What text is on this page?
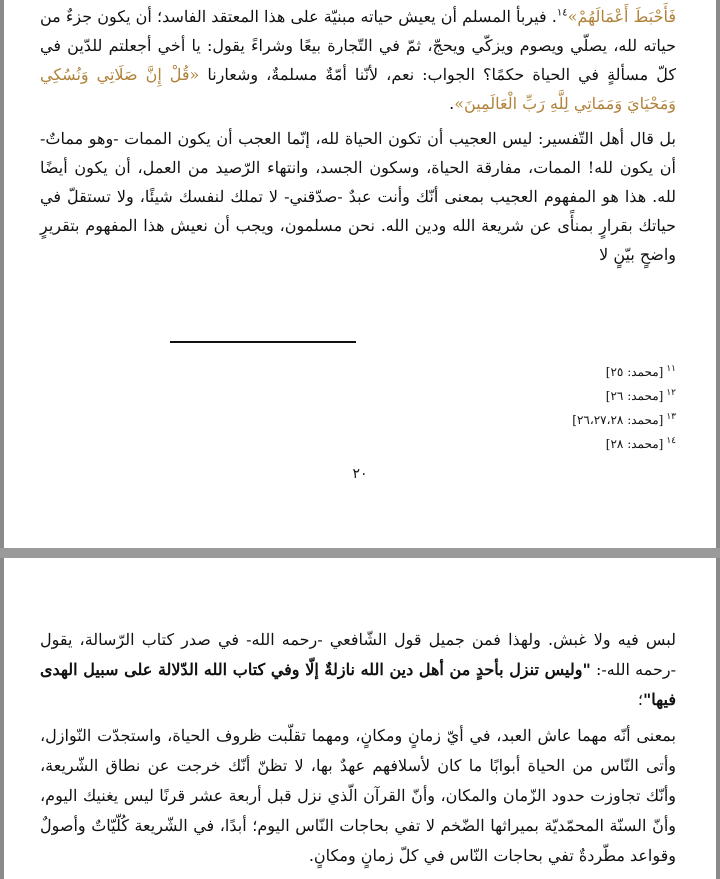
فَأَحْبَطَ أَعْمَالَهُمْ»$^{١٤}$. فيربأ المسلم أن يعيش حياته مبنيّة على هذا المعتقد الفاسد؛ أن يكون جزءٌ من حياته لله، يصلّي ويصوم ويزكّي ويحجّ، ثمّ في التّجارة بيعًا وشراءً يقول: يا أخي أجعلتم للدّين في كلّ مسألةٍ في الحياة حكمًا؟ الجواب: نعم، لأنّنا أمّةٌ مسلمةٌ، وشعارنا «قُلْ إِنَّ صَلَاتِي وَنُسُكِي وَمَحْيَايَ وَمَمَاتِي لِلَّهِ رَبِّ الْعَالَمِينَ».

بل قال أهل التّفسير: ليس العجيب أن تكون الحياة لله، إنّما العجب أن يكون الممات -وهو مماتٌ- أن يكون لله! الممات، مفارقة الحياة، وسكون الجسد، وانتهاء الرّصيد من العمل، أن يكون أيضًا لله. هذا هو المفهوم العجيب بمعنى أنّك وأنت عبدٌ -صدّقني- لا تملك لنفسك شيئًا، ولا تستقلّ في حياتك بقرارٍ بمنأًى عن شريعة الله ودين الله. نحن مسلمون، ويجب أن نعيش هذا المفهوم بتقريرٍ واضحٍ بيّنٍ لا

$^{١١}$[محمد: ٢٥]
$^{١٢}$[محمد: ٢٦]
$^{١٣}$[محمد: ٢٦،٢٧،٢٨]
$^{١٤}$[محمد: ٢٨]
٢٠

لبس فيه ولا غبش. ولهذا فمن جميل قول الشّافعي -رحمه الله- في صدر كتاب الرّسالة، يقول -رحمه الله-: "وليس تنزل بأحدٍ من أهل دين الله نازلةٌ إلّا وفي كتاب الله الدّلالة على سبيل الهدى فيها"؛

بمعنى أنّه مهما عاش العبد، في أيّ زمانٍ ومكانٍ، ومهما تقلّبت ظروف الحياة، واستجدّت النّوازل، وأتى النّاس من الحياة أبوابًا ما كان لأسلافهم عهدٌ بها، لا تظنّ أنّك خرجت عن نطاق الشّريعة، وأنّك تجاوزت حدود الزّمان والمكان، وأنّ القرآن الّذي نزل قبل أربعة عشر قرنًا ليس يغنيك اليوم، وأنّ السنّة المحمّديّة بميراثها الضّخم لا تفي بحاجات النّاس اليوم؛ أبدًا، في الشّريعة كُلّيّاتٌ وأصولٌ وقواعد مطّردةٌ تفي بحاجات النّاس في كلّ زمانٍ ومكانٍ.
